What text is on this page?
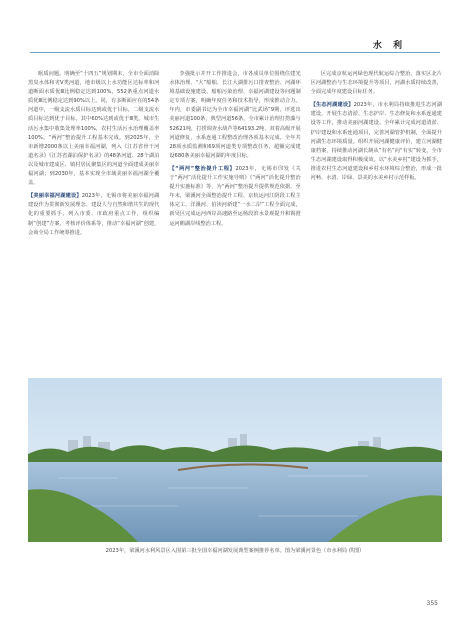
水 利

眠质问题。明确至“十四五”规划期末，全市全面消除黑臭水体和劣Ⅴ类河道，地市级以上水功能区达标率和河道断面水质优Ⅲ比例稳定达到100%，552条重点河道水质优Ⅲ比例稳定达到90%以上。同，有多断面应在的54条河道中，一级支流水质目标达到或优于目标，二级支流水质目标达到优于目标，其中60%达到或优于Ⅲ类。城市生活污水集中收集处理率100%，农村生活污水治理覆盖率100%。“两河”整治提升工程基本完成。到2025年，全市新增2000条以上美丽幸福河湖，列入《江苏省骨干河道名录》《江苏省湖泊保护名录》的48条河道、28个湖泊以及城市建成区、镇村居民聚集区的河道全面建成美丽幸福河湖；到2030年，基本实现全市域美丽幸福河湖全覆盖。

【美丽幸福河湖建设】2023年，无锡市将美丽幸福河湖建设作为贯彻新发展理念、建设人与自然和谐共生的现代化的重要抓手，列入市委、市政府重点工作，组织编制“创建”方案、考核评价体系等，推动“幸福河湖”创建，会商全局工作统筹推进。

李强批示并开工作推进会，市各成员单位围绕住建光水体治理、“大”船舶、长江大湖排污口排查整治、河湖环境基础设施建设、船舶污染治理、幸福河湖建设等问题制定专项方案，明确年度任务和技术指导，形成推动合力。年内，市委副书记为全市幸福河湖“比武场”9期，评选出美丽河道100条，典型河道56条。全市累计治理打捞藻与52621吨，打捞调查水葫芦等64193.2吨，双着高级开展河道修复，水系连通工程整改治理各项基本完成。全年共28项水质监测和69项河道类专项整改任务，超额完成建设680条美丽幸福河湖的年度目标。

【“两河”整治提升工程】2023年，无锡市印发《关于“两河”活化提升工作实施导则》《“两河”活化提升整治提升实施标准》等，为“两河”整治提升提供规范依据。至年末，梁溪河全面整治提升工程、京杭运河江阴段工程主体完工，洋溪河、伯渎河新建“一水二岸”工程全面完成，新吴区完成运河西岸高速路至运杨段滨水景观提升和锡澄运河鹅湖岸线整治工程。

区完成京杭运河绿色现代航运综合整治，落实区北片区河湖整治与生态环境提升等项目，河湖水质持续改善，全面完成年度建设目标任务。

【生态河湖建设】2023年，市水利局持续推进生态河湖建设，开展生态清淤、生态护岸、生态修复和水系连通建设等工作，推动美丽河湖建设。全年累计完成河道清淤、护岸建设和水系连通项目，完善河湖管护机制，全面提升河湖生态环境质量。组织开展河湖健康评价，建立河湖健康档案，持续推动河湖长制从“有名”向“有实”转变，全市生态河湖建设取得积极成效。以“水美乡村”建设为抓手，推进农村生态河道建设和乡村水环境综合整治，形成一批河畅、水清、岸绿、景美的水美乡村示范样板。

2023年，梁溪河水利风景区入围第三批全国幸福河湖发展典型案例推荐名单。图为梁溪河景色（市水利局 供图）
355
